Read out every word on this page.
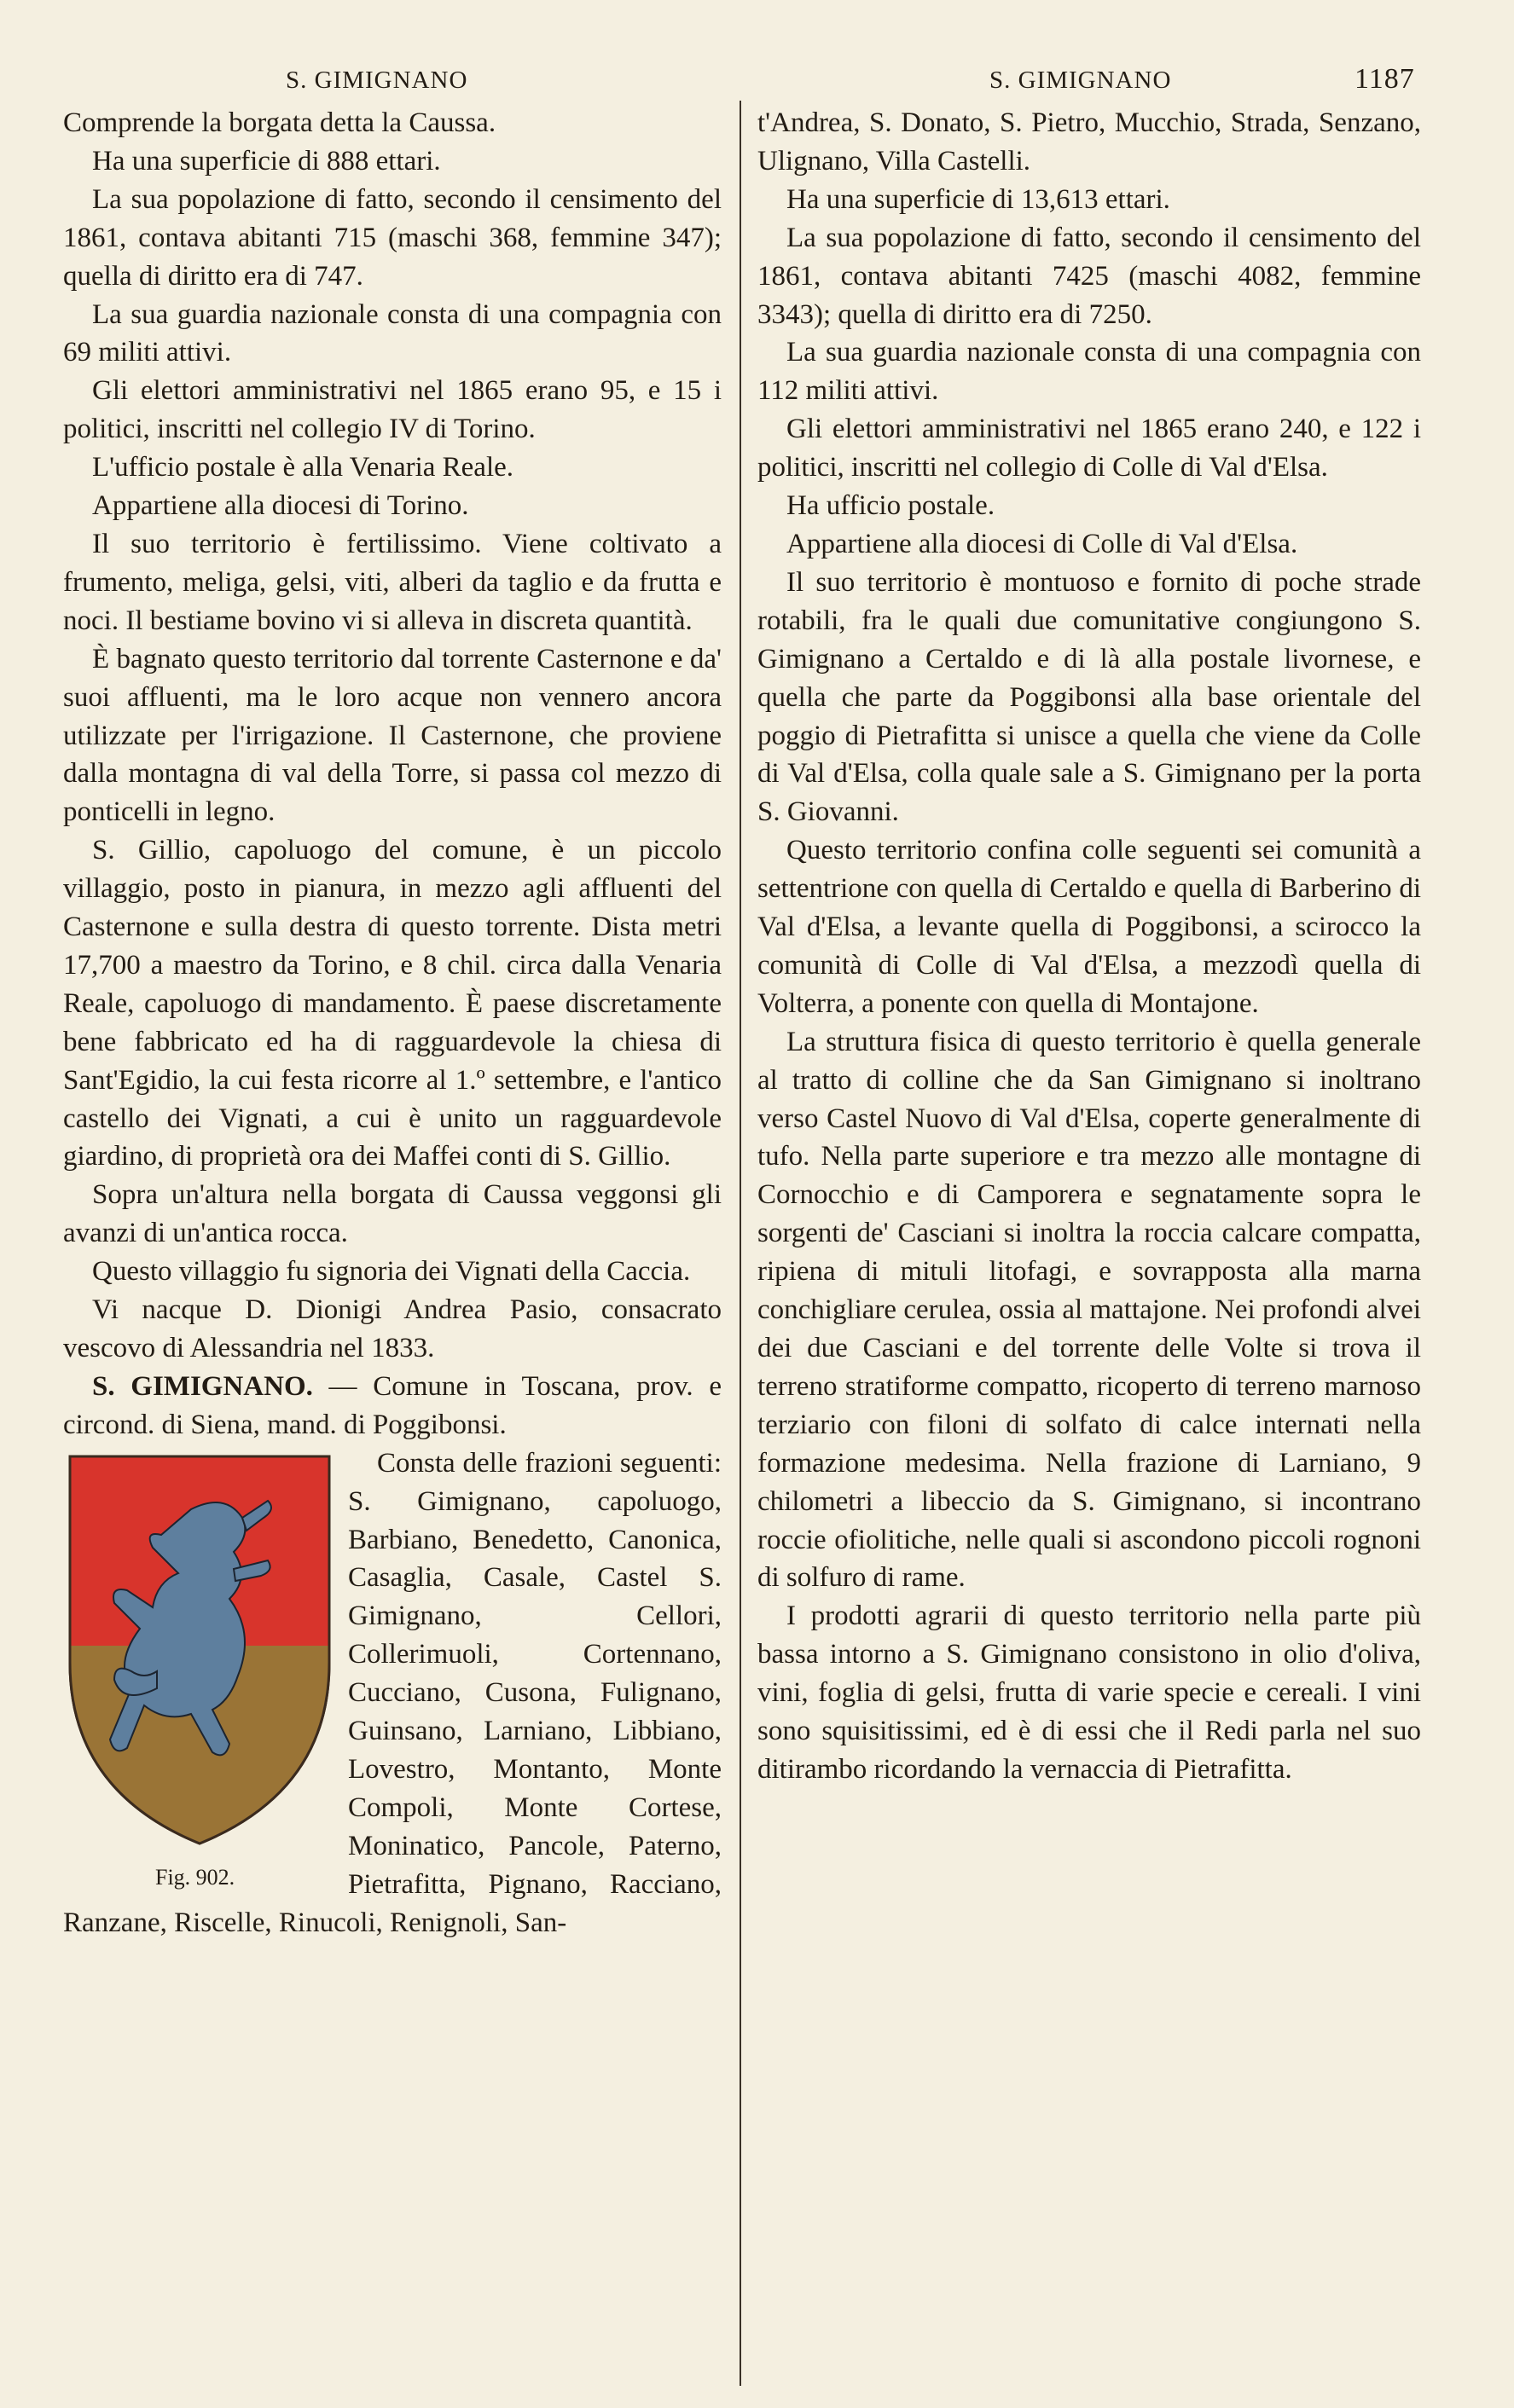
S. GIMIGNANO	S. GIMIGNANO	1187

Comprende la borgata detta la Caussa.

Ha una superficie di 888 ettari.

La sua popolazione di fatto, secondo il censimento del 1861, contava abitanti 715 (maschi 368, femmine 347); quella di diritto era di 747.

La sua guardia nazionale consta di una compagnia con 69 militi attivi.

Gli elettori amministrativi nel 1865 erano 95, e 15 i politici, inscritti nel collegio IV di Torino.

L'ufficio postale è alla Venaria Reale.

Appartiene alla diocesi di Torino.

Il suo territorio è fertilissimo. Viene coltivato a frumento, meliga, gelsi, viti, alberi da taglio e da frutta e noci. Il bestiame bovino vi si alleva in discreta quantità.

È bagnato questo territorio dal torrente Casternone e da' suoi affluenti, ma le loro acque non vennero ancora utilizzate per l'irrigazione. Il Casternone, che proviene dalla montagna di val della Torre, si passa col mezzo di ponticelli in legno.

S. Gillio, capoluogo del comune, è un piccolo villaggio, posto in pianura, in mezzo agli affluenti del Casternone e sulla destra di questo torrente. Dista metri 17,700 a maestro da Torino, e 8 chil. circa dalla Venaria Reale, capoluogo di mandamento. È paese discretamente bene fabbricato ed ha di ragguardevole la chiesa di Sant'Egidio, la cui festa ricorre al 1.º settembre, e l'antico castello dei Vignati, a cui è unito un ragguardevole giardino, di proprietà ora dei Maffei conti di S. Gillio.

Sopra un'altura nella borgata di Caussa veggonsi gli avanzi di un'antica rocca.

Questo villaggio fu signoria dei Vignati della Caccia.

Vi nacque D. Dionigi Andrea Pasio, consacrato vescovo di Alessandria nel 1833.

S. GIMIGNANO. — Comune in Toscana, prov. e circond. di Siena, mand. di Poggibonsi.

Fig. 902.

Consta delle frazioni seguenti: S. Gimignano, capoluogo, Barbiano, Benedetto, Canonica, Casaglia, Casale, Castel S. Gimignano, Cellori, Collerimuoli, Cortennano, Cucciano, Cusona, Fulignano, Guinsano, Larniano, Libbiano, Lovestro, Montanto, Monte Compoli, Monte Cortese, Moninatico, Pancole, Paterno, Pietrafitta, Pignano, Racciano, Ranzane, Riscelle, Rinucoli, Renignoli, San-

t'Andrea, S. Donato, S. Pietro, Mucchio, Strada, Senzano, Ulignano, Villa Castelli.

Ha una superficie di 13,613 ettari.

La sua popolazione di fatto, secondo il censimento del 1861, contava abitanti 7425 (maschi 4082, femmine 3343); quella di diritto era di 7250.

La sua guardia nazionale consta di una compagnia con 112 militi attivi.

Gli elettori amministrativi nel 1865 erano 240, e 122 i politici, inscritti nel collegio di Colle di Val d'Elsa.

Ha ufficio postale.

Appartiene alla diocesi di Colle di Val d'Elsa.

Il suo territorio è montuoso e fornito di poche strade rotabili, fra le quali due comunitative congiungono S. Gimignano a Certaldo e di là alla postale livornese, e quella che parte da Poggibonsi alla base orientale del poggio di Pietrafitta si unisce a quella che viene da Colle di Val d'Elsa, colla quale sale a S. Gimignano per la porta S. Giovanni.

Questo territorio confina colle seguenti sei comunità a settentrione con quella di Certaldo e quella di Barberino di Val d'Elsa, a levante quella di Poggibonsi, a scirocco la comunità di Colle di Val d'Elsa, a mezzodì quella di Volterra, a ponente con quella di Montajone.

La struttura fisica di questo territorio è quella generale al tratto di colline che da San Gimignano si inoltrano verso Castel Nuovo di Val d'Elsa, coperte generalmente di tufo. Nella parte superiore e tra mezzo alle montagne di Cornocchio e di Camporera e segnatamente sopra le sorgenti de' Casciani si inoltra la roccia calcare compatta, ripiena di mituli litofagi, e sovrapposta alla marna conchigliare cerulea, ossia al mattajone. Nei profondi alvei dei due Casciani e del torrente delle Volte si trova il terreno stratiforme compatto, ricoperto di terreno marnoso terziario con filoni di solfato di calce internati nella formazione medesima. Nella frazione di Larniano, 9 chilometri a libeccio da S. Gimignano, si incontrano roccie ofiolitiche, nelle quali si ascondono piccoli rognoni di solfuro di rame.

I prodotti agrarii di questo territorio nella parte più bassa intorno a S. Gimignano consistono in olio d'oliva, vini, foglia di gelsi, frutta di varie specie e cereali. I vini sono squisitissimi, ed è di essi che il Redi parla nel suo ditirambo ricordando la vernaccia di Pietrafitta.
